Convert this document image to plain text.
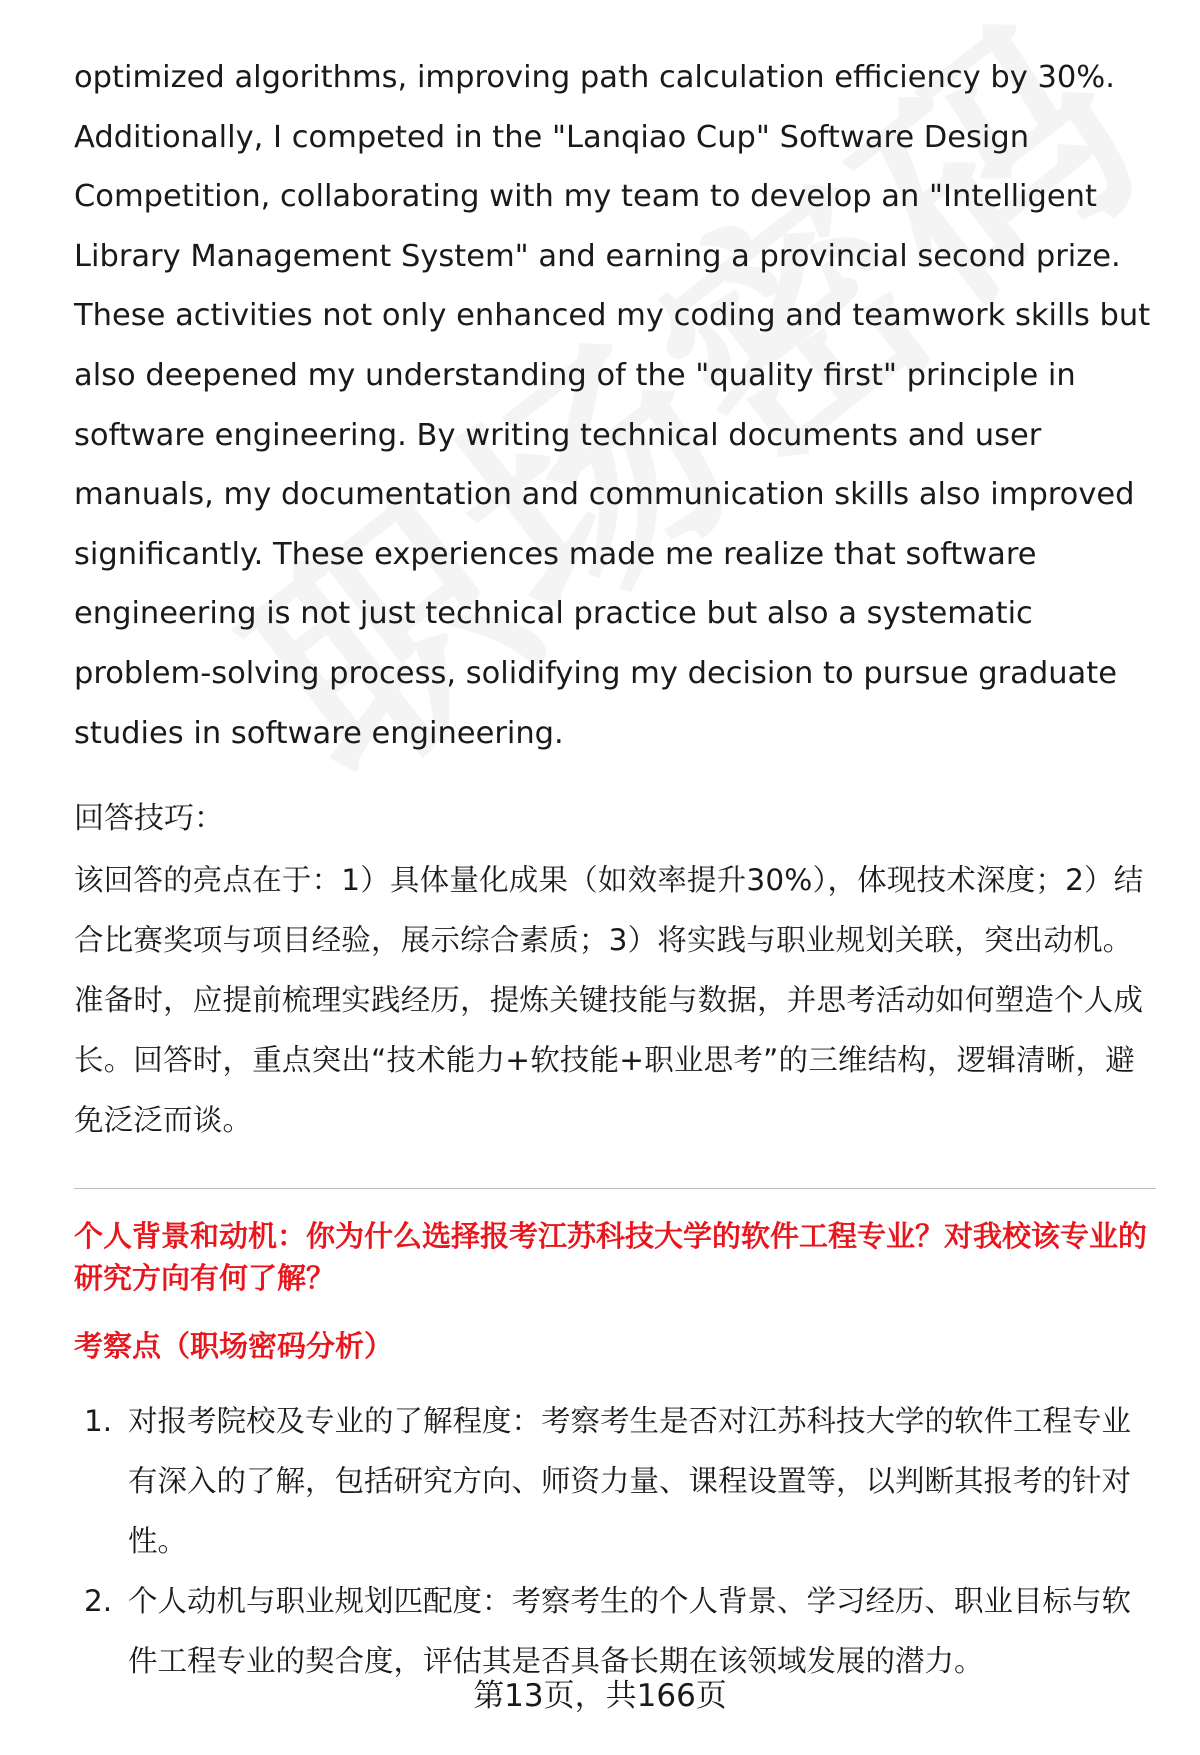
optimized algorithms, improving path calculation efficiency by 30%. Additionally, I competed in the "Lanqiao Cup" Software Design Competition, collaborating with my team to develop an "Intelligent Library Management System" and earning a provincial second prize. These activities not only enhanced my coding and teamwork skills but also deepened my understanding of the "quality first" principle in software engineering. By writing technical documents and user manuals, my documentation and communication skills also improved significantly. These experiences made me realize that software engineering is not just technical practice but also a systematic problem-solving process, solidifying my decision to pursue graduate studies in software engineering.

回答技巧：

该回答的亮点在于：1）具体量化成果（如效率提升30%），体现技术深度；2）结合比赛奖项与项目经验，展示综合素质；3）将实践与职业规划关联，突出动机。准备时，应提前梳理实践经历，提炼关键技能与数据，并思考活动如何塑造个人成长。回答时，重点突出“技术能力+软技能+职业思考”的三维结构，逻辑清晰，避免泛泛而谈。

个人背景和动机：你为什么选择报考江苏科技大学的软件工程专业？对我校该专业的研究方向有何了解？
考察点（职场密码分析）
1. 对报考院校及专业的了解程度：考察考生是否对江苏科技大学的软件工程专业有深入的了解，包括研究方向、师资力量、课程设置等，以判断其报考的针对性。
2. 个人动机与职业规划匹配度：考察考生的个人背景、学习经历、职业目标与软件工程专业的契合度，评估其是否具备长期在该领域发展的潜力。
第13页，共166页
